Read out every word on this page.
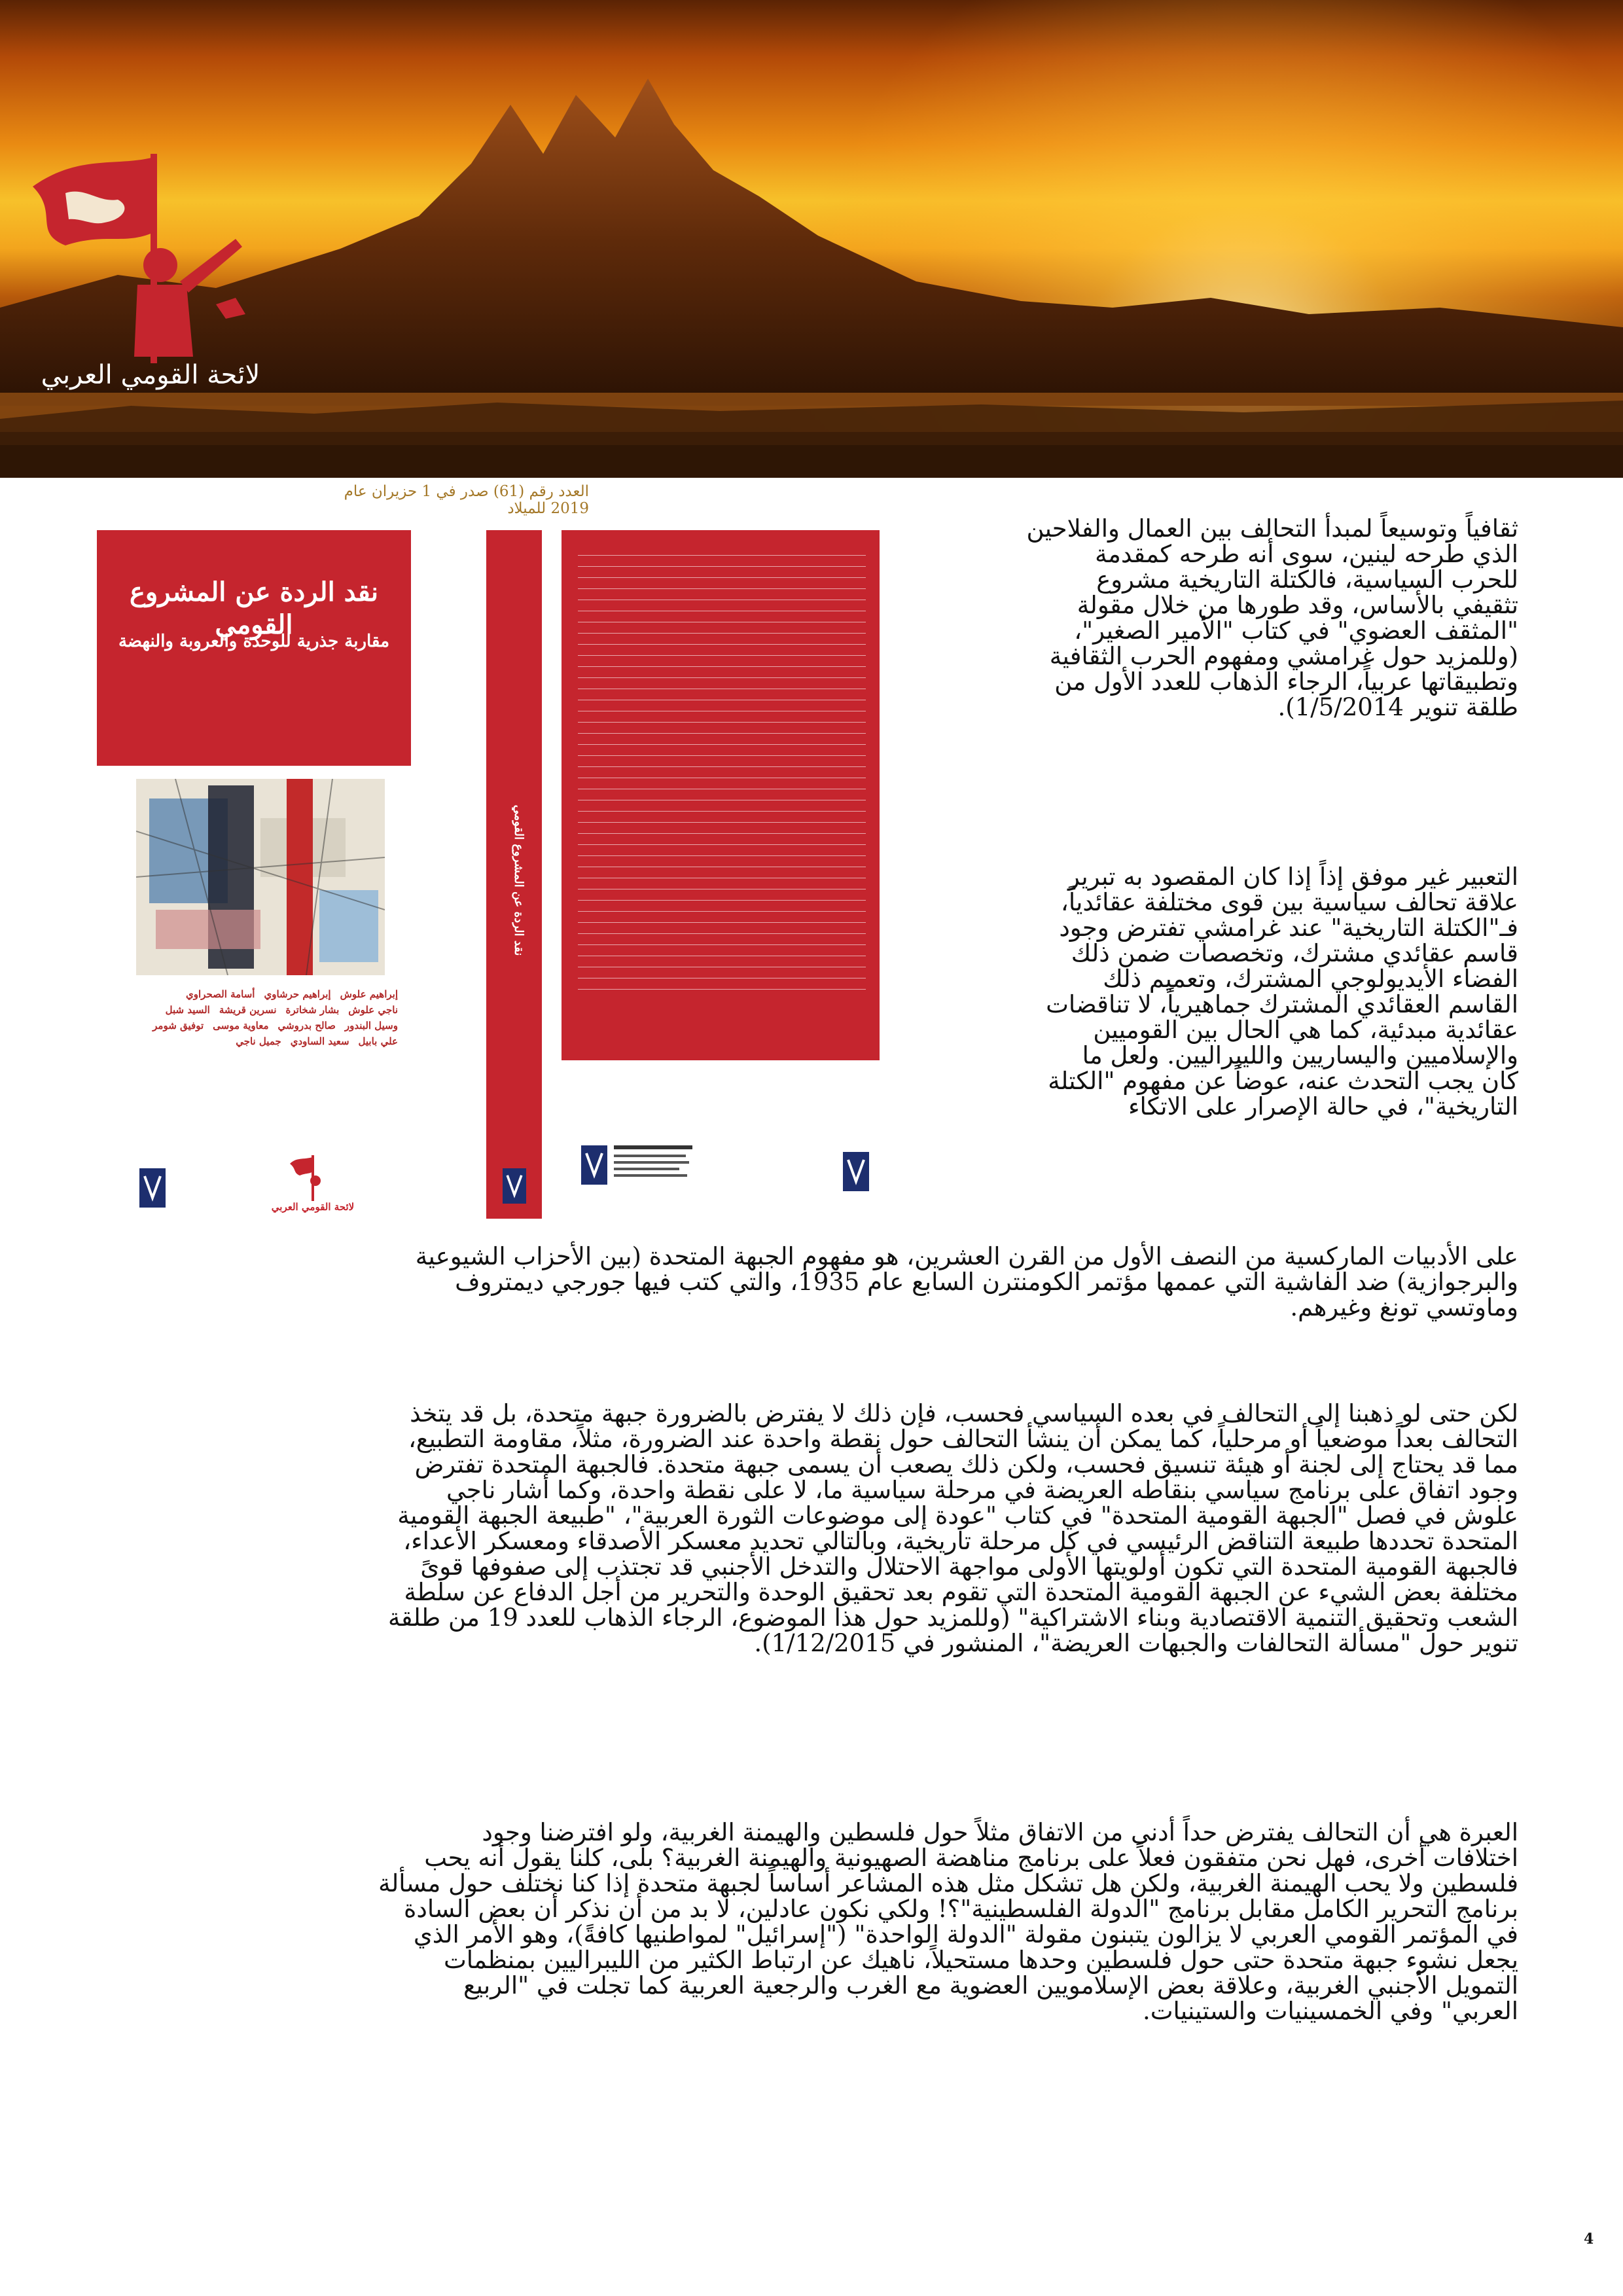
لائحة القومي العربي
العدد رقم (61) صدر في 1 حزيران عام 2019 للميلاد
نقد الردة عن المشروع القومي
مقاربة جذرية للوحدة والعروبة والنهضة
إبراهيم علوش
إبراهيم حرشاوي
أسامة الصحراوي
ناجي علوش
بشار شخاترة
نسرين قريشة
السيد شبل
وسيل البندور
صالح بدروشي
معاوية موسى
توفيق شومر
علي بابيل
سعيد الساودي
جميل ناجي
لائحة القومي العربي
نقد الردة عن المشروع القومي

ثقافياً وتوسيعاً لمبدأ التحالف بين العمال والفلاحين
الذي طرحه لينين، سوى أنه طرحه كمقدمة
للحرب السياسية، فالكتلة التاريخية مشروع
تثقيفي بالأساس، وقد طورها من خلال مقولة
"المثقف العضوي" في كتاب "الأمير الصغير"،
(وللمزيد حول غرامشي ومفهوم الحرب الثقافية
وتطبيقاتها عربياً، الرجاء الذهاب للعدد الأول من
طلقة تنوير 1/5/2014).

التعبير غير موفق إذاً إذا كان المقصود به تبرير
علاقة تحالف سياسية بين قوى مختلفة عقائدياً،
فـ"الكتلة التاريخية" عند غرامشي تفترض وجود
قاسم عقائدي مشترك، وتخصصات ضمن ذلك
الفضاء الأيديولوجي المشترك، وتعميم ذلك
القاسم العقائدي المشترك جماهيرياً، لا تناقضات
عقائدية مبدئية، كما هي الحال بين القوميين
والإسلاميين واليساريين والليبراليين. ولعل ما
كان يجب التحدث عنه، عوضاً عن مفهوم "الكتلة
التاريخية"، في حالة الإصرار على الاتكاء

على الأدبيات الماركسية من النصف الأول من القرن العشرين، هو مفهوم الجبهة المتحدة (بين الأحزاب الشيوعية
والبرجوازية) ضد الفاشية التي عممها مؤتمر الكومنترن السابع عام 1935، والتي كتب فيها جورجي ديمتروف
وماوتسي تونغ وغيرهم.

لكن حتى لو ذهبنا إلى التحالف في بعده السياسي فحسب، فإن ذلك لا يفترض بالضرورة جبهة متحدة، بل قد يتخذ
التحالف بعداً موضعياً أو مرحلياً، كما يمكن أن ينشأ التحالف حول نقطة واحدة عند الضرورة، مثلاً، مقاومة التطبيع،
مما قد يحتاج إلى لجنة أو هيئة تنسيق فحسب، ولكن ذلك يصعب أن يسمى جبهة متحدة. فالجبهة المتحدة تفترض
وجود اتفاق على برنامج سياسي بنقاطه العريضة في مرحلة سياسية ما، لا على نقطة واحدة، وكما أشار ناجي
علوش في فصل "الجبهة القومية المتحدة" في كتاب "عودة إلى موضوعات الثورة العربية"، "طبيعة الجبهة القومية
المتحدة تحددها طبيعة التناقض الرئيسي في كل مرحلة تاريخية، وبالتالي تحديد معسكر الأصدقاء ومعسكر الأعداء،
فالجبهة القومية المتحدة التي تكون أولويتها الأولى مواجهة الاحتلال والتدخل الأجنبي قد تجتذب إلى صفوفها قوىً
مختلفة بعض الشيء عن الجبهة القومية المتحدة التي تقوم بعد تحقيق الوحدة والتحرير من أجل الدفاع عن سلطة
الشعب وتحقيق التنمية الاقتصادية وبناء الاشتراكية" (وللمزيد حول هذا الموضوع، الرجاء الذهاب للعدد 19 من طلقة
تنوير حول "مسألة التحالفات والجبهات العريضة"، المنشور في 1/12/2015).

العبرة هي أن التحالف يفترض حداً أدنى من الاتفاق مثلاً حول فلسطين والهيمنة الغربية، ولو افترضنا وجود
اختلافات أخرى، فهل نحن متفقون فعلاً على برنامج مناهضة الصهيونية والهيمنة الغربية؟ بلى، كلنا يقول أنه يحب
فلسطين ولا يحب الهيمنة الغربية، ولكن هل تشكل مثل هذه المشاعر أساساً لجبهة متحدة إذا كنا نختلف حول مسألة
برنامج التحرير الكامل مقابل برنامج "الدولة الفلسطينية"؟! ولكي نكون عادلين، لا بد من أن نذكر أن بعض السادة
في المؤتمر القومي العربي لا يزالون يتبنون مقولة "الدولة الواحدة" ("إسرائيل" لمواطنيها كافةً)، وهو الأمر الذي
يجعل نشوء جبهة متحدة حتى حول فلسطين وحدها مستحيلاً، ناهيك عن ارتباط الكثير من الليبراليين بمنظمات
التمويل الأجنبي الغربية، وعلاقة بعض الإسلامويين العضوية مع الغرب والرجعية العربية كما تجلت في "الربيع
العربي" وفي الخمسينيات والستينيات.

4
